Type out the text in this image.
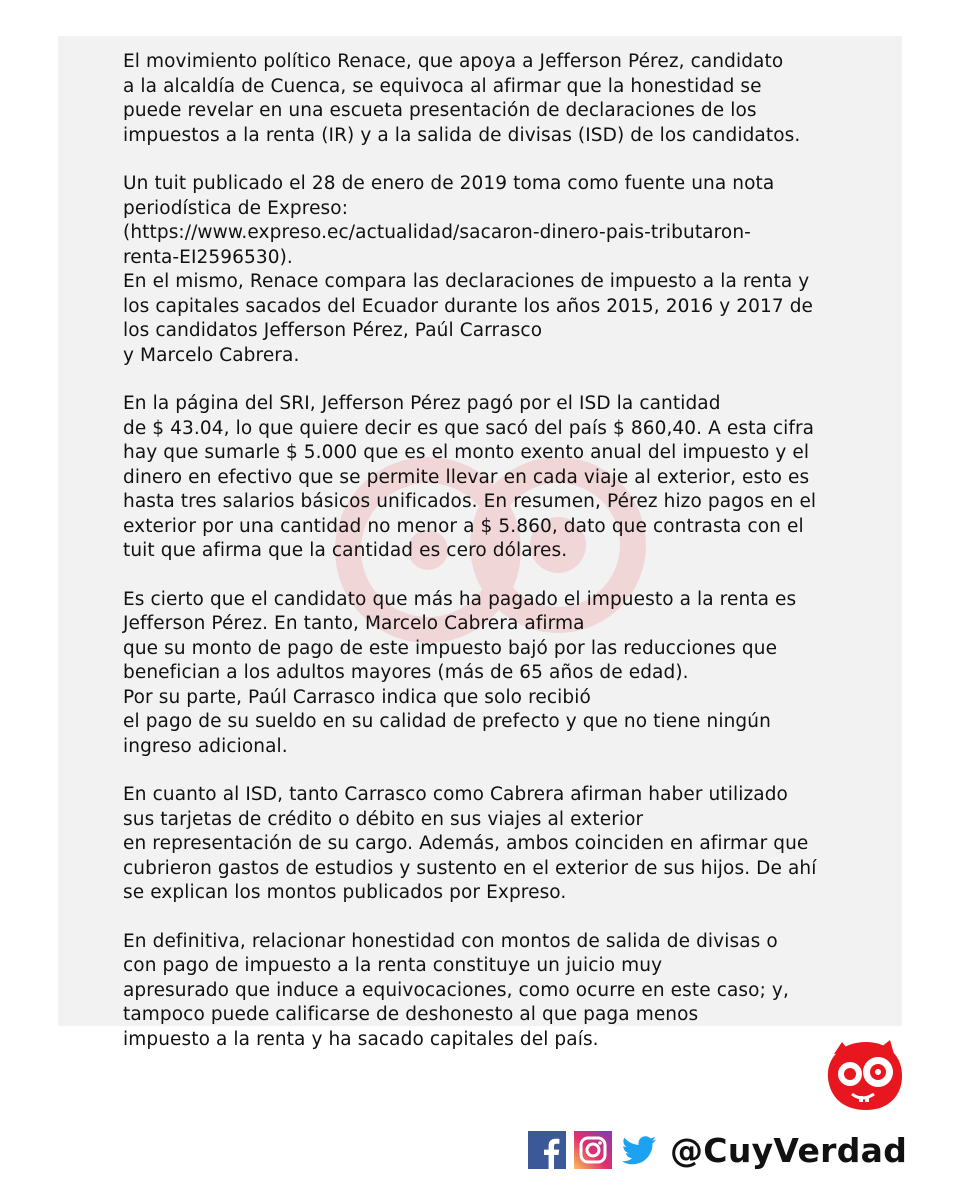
El movimiento político Renace, que apoya a Jefferson Pérez, candidato
a la alcaldía de Cuenca, se equivoca al afirmar que la honestidad se
puede revelar en una escueta presentación de declaraciones de los
impuestos a la renta (IR) y a la salida de divisas (ISD) de los candidatos.
Un tuit publicado el 28 de enero de 2019 toma como fuente una nota
periodística de Expreso:
(https://www.expreso.ec/actualidad/sacaron-dinero-pais-tributaron-
renta-EI2596530).
En el mismo, Renace compara las declaraciones de impuesto a la renta y
los capitales sacados del Ecuador durante los años 2015, 2016 y 2017 de
los candidatos Jefferson Pérez, Paúl Carrasco
y Marcelo Cabrera.
En la página del SRI, Jefferson Pérez pagó por el ISD la cantidad
de $ 43.04, lo que quiere decir es que sacó del país $ 860,40. A esta cifra
hay que sumarle $ 5.000 que es el monto exento anual del impuesto y el
dinero en efectivo que se permite llevar en cada viaje al exterior, esto es
hasta tres salarios básicos unificados. En resumen, Pérez hizo pagos en el
exterior por una cantidad no menor a $ 5.860, dato que contrasta con el
tuit que afirma que la cantidad es cero dólares.
Es cierto que el candidato que más ha pagado el impuesto a la renta es
Jefferson Pérez. En tanto, Marcelo Cabrera afirma
que su monto de pago de este impuesto bajó por las reducciones que
benefician a los adultos mayores (más de 65 años de edad).
Por su parte, Paúl Carrasco indica que solo recibió
el pago de su sueldo en su calidad de prefecto y que no tiene ningún
ingreso adicional.
En cuanto al ISD, tanto Carrasco como Cabrera afirman haber utilizado
sus tarjetas de crédito o débito en sus viajes al exterior
en representación de su cargo. Además, ambos coinciden en afirmar que
cubrieron gastos de estudios y sustento en el exterior de sus hijos. De ahí
se explican los montos publicados por Expreso.
En definitiva, relacionar honestidad con montos de salida de divisas o
con pago de impuesto a la renta constituye un juicio muy
apresurado que induce a equivocaciones, como ocurre en este caso; y,
tampoco puede calificarse de deshonesto al que paga menos
impuesto a la renta y ha sacado capitales del país.
@CuyVerdad
